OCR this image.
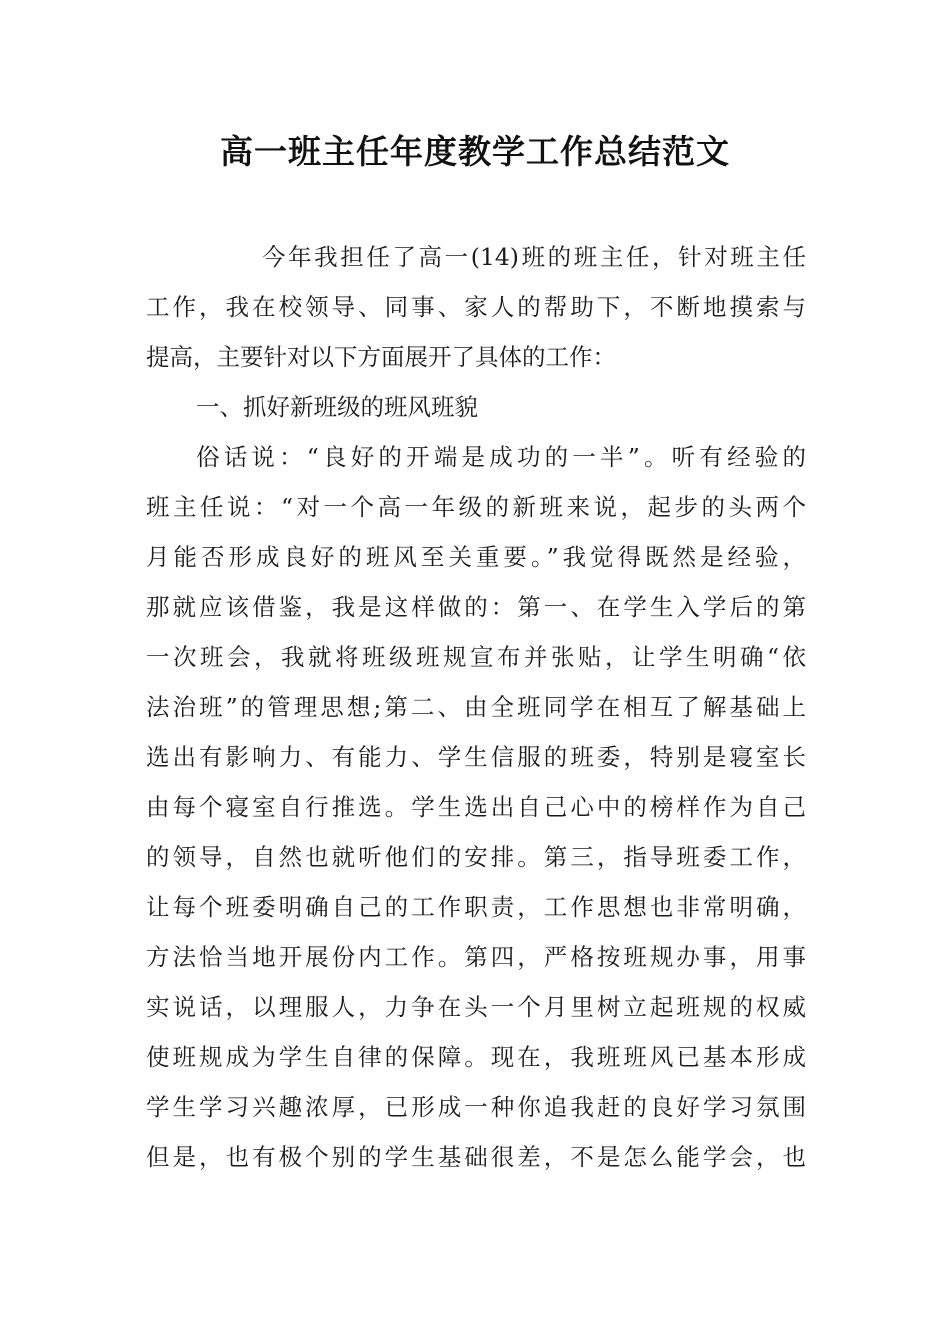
高一班主任年度教学工作总结范文
今年我担任了高一(14)班的班主任，针对班主任
工作，我在校领导、同事、家人的帮助下，不断地摸索与
提高，主要针对以下方面展开了具体的工作：
一、抓好新班级的班风班貌
俗话说：“良好的开端是成功的一半”。听有经验的
班主任说：“对一个高一年级的新班来说，起步的头两个
月能否形成良好的班风至关重要。”我觉得既然是经验，
那就应该借鉴，我是这样做的：第一、在学生入学后的第
一次班会，我就将班级班规宣布并张贴，让学生明确“依
法治班”的管理思想;第二、由全班同学在相互了解基础上
选出有影响力、有能力、学生信服的班委，特别是寝室长
由每个寝室自行推选。学生选出自己心中的榜样作为自己
的领导，自然也就听他们的安排。第三，指导班委工作，
让每个班委明确自己的工作职责，工作思想也非常明确，
方法恰当地开展份内工作。第四，严格按班规办事，用事
实说话，以理服人，力争在头一个月里树立起班规的权威
使班规成为学生自律的保障。现在，我班班风已基本形成
学生学习兴趣浓厚，已形成一种你追我赶的良好学习氛围
但是，也有极个别的学生基础很差，不是怎么能学会，也
